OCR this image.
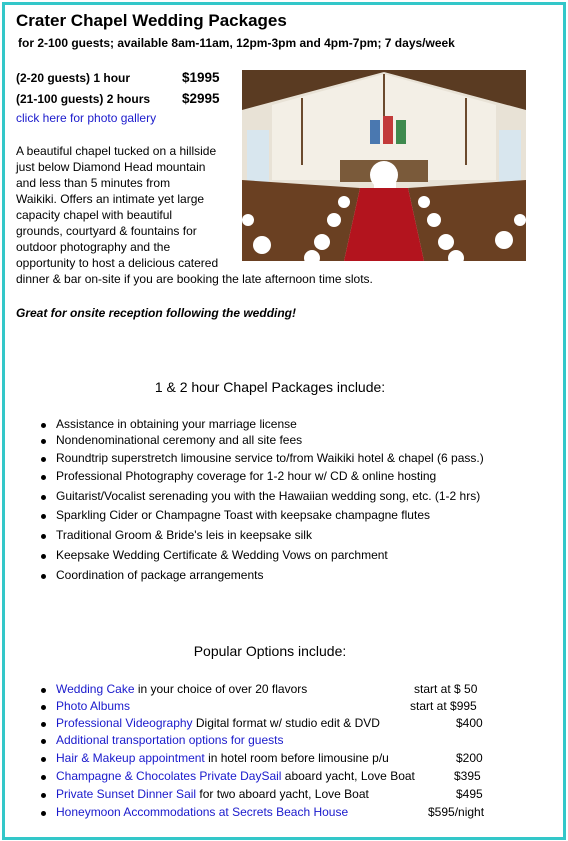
Crater Chapel Wedding Packages
for 2-100 guests; available 8am-11am, 12pm-3pm and 4pm-7pm; 7 days/week
(2-20 guests) 1 hour	$1995
(21-100 guests) 2 hours $2995
click here for photo gallery
A beautiful chapel tucked on a hillside
just below Diamond Head mountain
and less than 5 minutes from
Waikiki. Offers an intimate yet large
capacity chapel with beautiful
grounds, courtyard & fountains for
outdoor photography and the
opportunity to host a delicious catered
dinner & bar on-site if you are booking the late afternoon time slots.
Great for onsite reception following the wedding!
1 & 2 hour Chapel Packages include:
Assistance in obtaining your marriage license
Nondenominational ceremony and all site fees
Roundtrip superstretch limousine service to/from Waikiki hotel & chapel (6 pass.)
Professional Photography coverage for 1-2 hour w/ CD & online hosting
Guitarist/Vocalist serenading you with the Hawaiian wedding song, etc. (1-2 hrs)
Sparkling Cider or Champagne Toast with keepsake champagne flutes
Traditional Groom & Bride's leis in keepsake silk
Keepsake Wedding Certificate & Wedding Vows on parchment
Coordination of package arrangements
Popular Options include:
Wedding Cake in your choice of over 20 flavors
Photo Albums
Professional Videography Digital format w/ studio edit & DVD
Additional transportation options for guests
Hair & Makeup appointment in hotel room before limousine p/u
Champagne & Chocolates Private DaySail aboard yacht, Love Boat
Private Sunset Dinner Sail for two aboard yacht, Love Boat
Honeymoon Accommodations at Secrets Beach House
start at $ 50
start at $995
$400
$200
$395
$495
$595/night
